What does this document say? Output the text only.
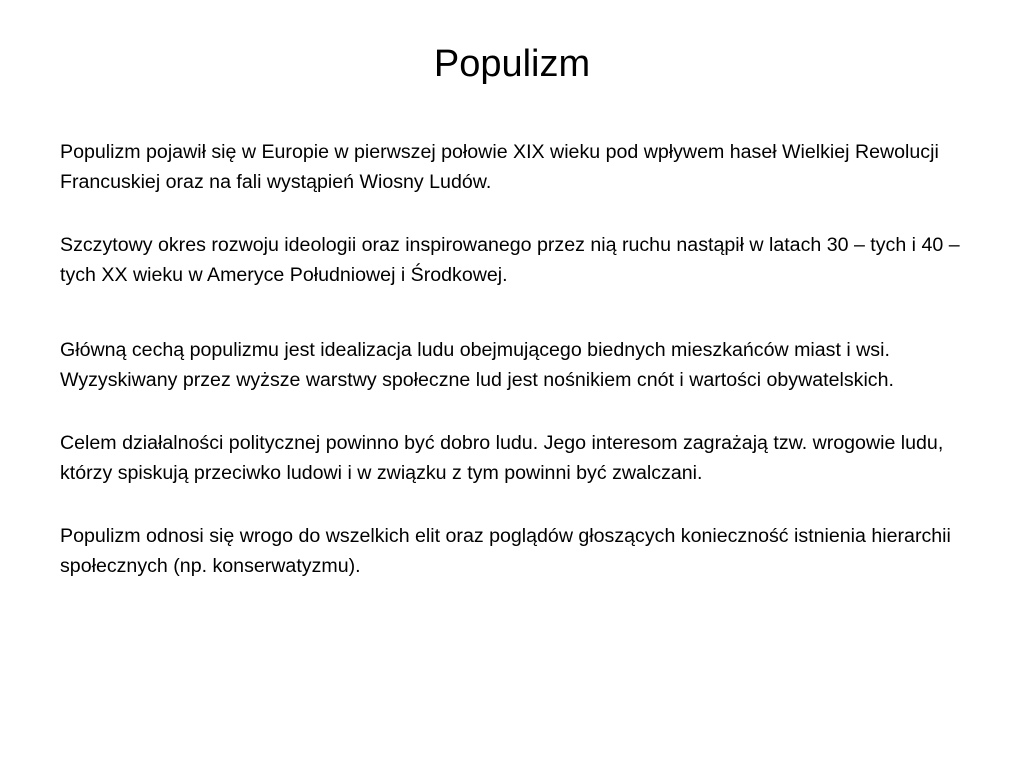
Populizm

Populizm pojawił się w Europie w pierwszej połowie XIX wieku pod wpływem haseł Wielkiej Rewolucji Francuskiej oraz na fali wystąpień Wiosny Ludów.

Szczytowy okres rozwoju ideologii oraz inspirowanego przez nią ruchu nastąpił w latach 30 – tych i 40 – tych XX wieku w Ameryce Południowej i Środkowej.

Główną cechą populizmu jest idealizacja ludu obejmującego biednych mieszkańców miast i wsi. Wyzyskiwany przez wyższe warstwy społeczne lud jest nośnikiem cnót i wartości obywatelskich.

Celem działalności politycznej powinno być dobro ludu. Jego interesom zagrażają tzw. wrogowie ludu, którzy spiskują przeciwko ludowi i w związku z tym powinni być zwalczani.

Populizm odnosi się wrogo do wszelkich elit oraz poglądów głoszących konieczność istnienia hierarchii społecznych (np. konserwatyzmu).
